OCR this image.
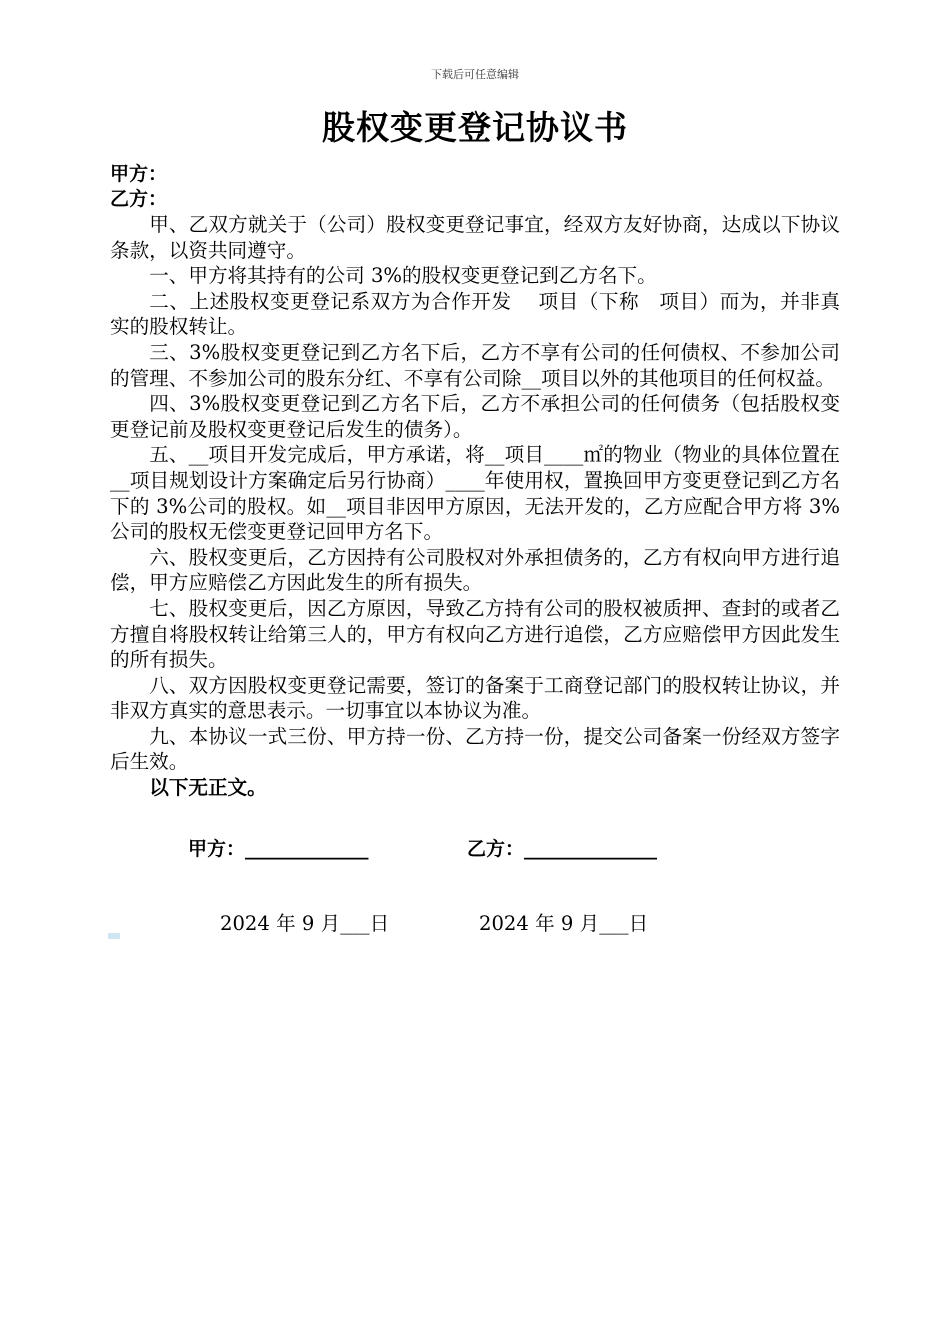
下载后可任意编辑
股权变更登记协议书
甲方：
乙方：

甲、乙双方就关于（公司）股权变更登记事宜，经双方友好协商，达成以下协议条款，以资共同遵守。

一、甲方将其持有的公司 3%的股权变更登记到乙方名下。

二、上述股权变更登记系双方为合作开发　 项目（下称　项目）而为，并非真实的股权转让。

三、3%股权变更登记到乙方名下后，乙方不享有公司的任何债权、不参加公司的管理、不参加公司的股东分红、不享有公司除__项目以外的其他项目的任何权益。

四、3%股权变更登记到乙方名下后，乙方不承担公司的任何债务（包括股权变更登记前及股权变更登记后发生的债务）。

五、__项目开发完成后，甲方承诺，将__项目____㎡的物业（物业的具体位置在__项目规划设计方案确定后另行协商）____年使用权，置换回甲方变更登记到乙方名下的 3%公司的股权。如__项目非因甲方原因，无法开发的，乙方应配合甲方将 3%公司的股权无偿变更登记回甲方名下。

六、股权变更后，乙方因持有公司股权对外承担债务的，乙方有权向甲方进行追偿，甲方应赔偿乙方因此发生的所有损失。

七、股权变更后，因乙方原因，导致乙方持有公司的股权被质押、查封的或者乙方擅自将股权转让给第三人的，甲方有权向乙方进行追偿，乙方应赔偿甲方因此发生的所有损失。

八、双方因股权变更登记需要，签订的备案于工商登记部门的股权转让协议，并非双方真实的意思表示。一切事宜以本协议为准。

九、本协议一式三份、甲方持一份、乙方持一份，提交公司备案一份经双方签字后生效。

以下无正文。

甲方：_____________	乙方：______________
2024 年 9 月___日	2024 年 9 月___日
